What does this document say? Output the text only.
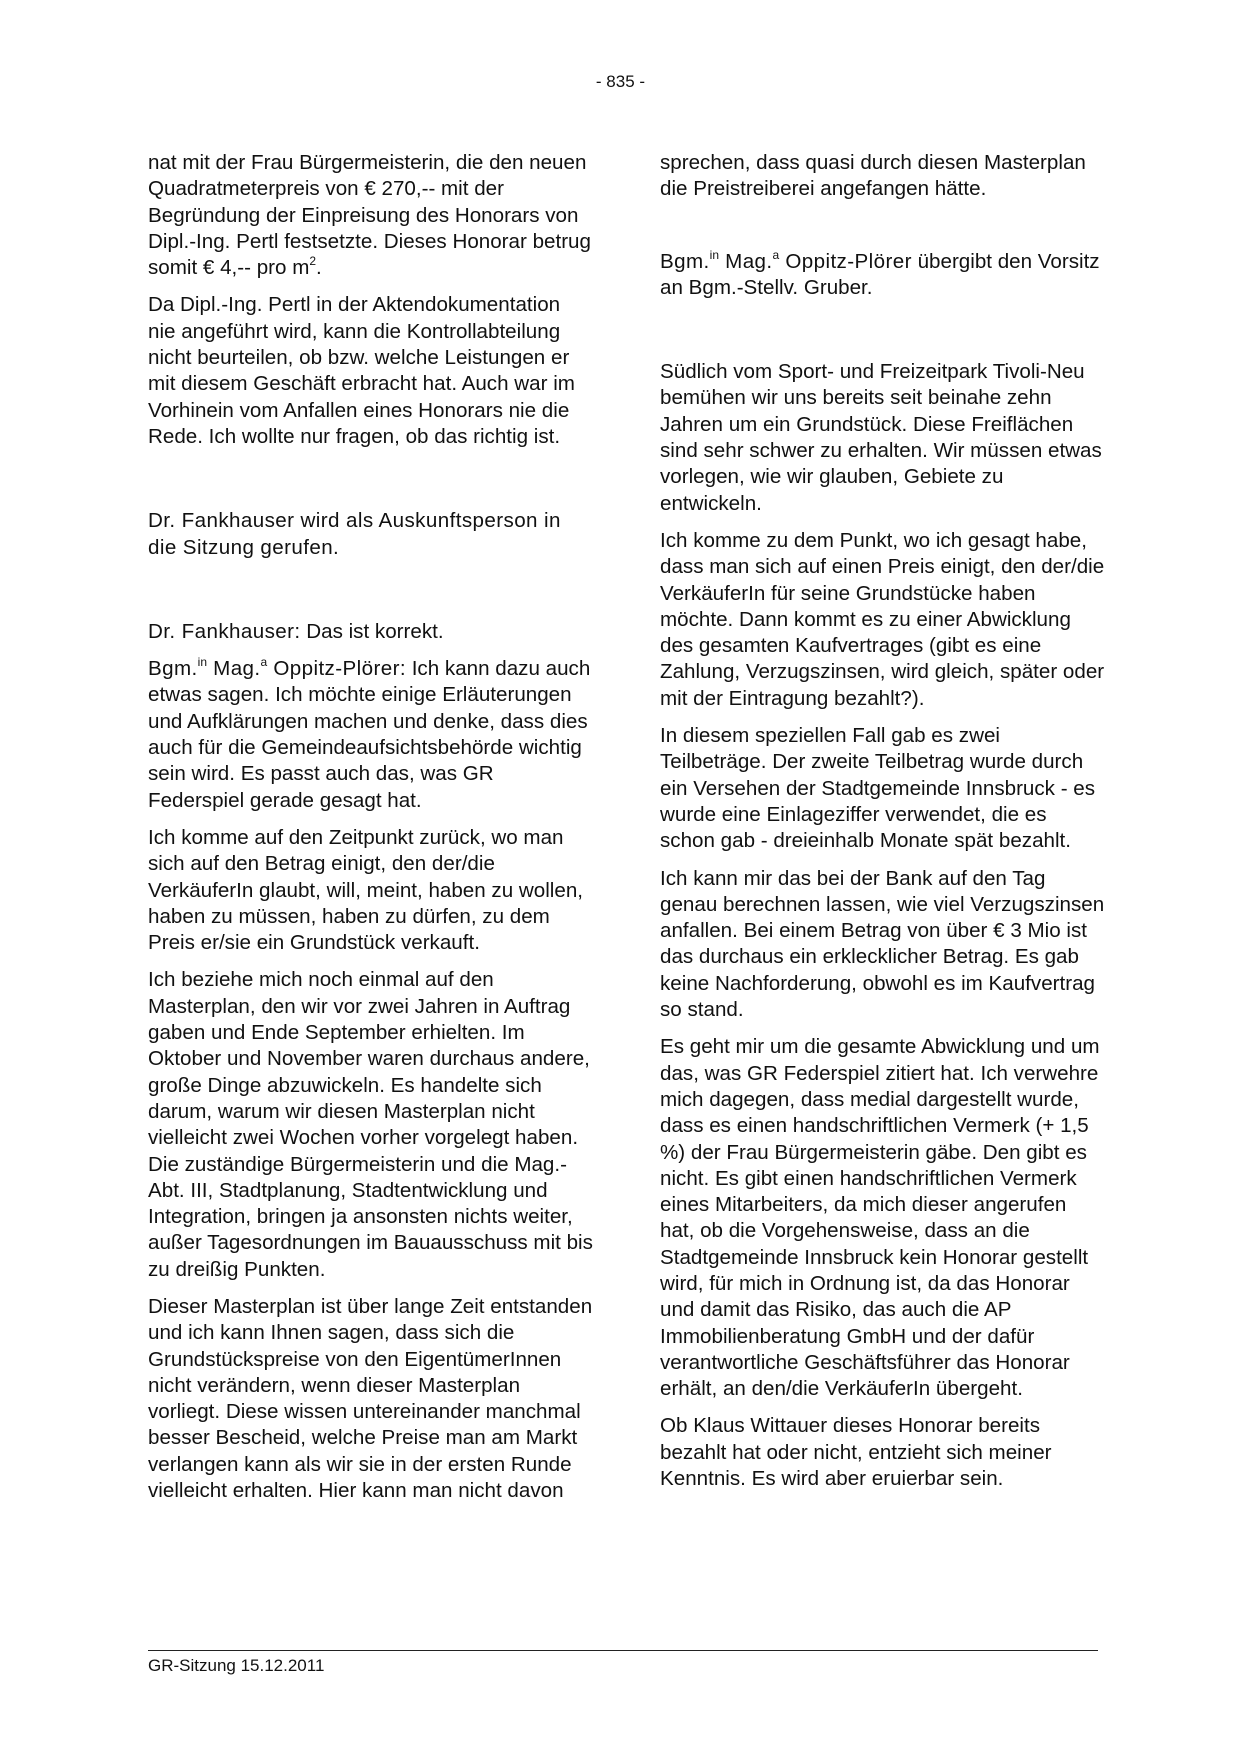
- 835 -

nat mit der Frau Bürgermeisterin, die den neuen Quadratmeterpreis von € 270,-- mit der Begründung der Einpreisung des Honorars von Dipl.-Ing. Pertl festsetzte. Dieses Honorar betrug somit € 4,-- pro $m^2$.

Da Dipl.-Ing. Pertl in der Aktendokumentation nie angeführt wird, kann die Kontrollabteilung nicht beurteilen, ob bzw. welche Leistungen er mit diesem Geschäft erbracht hat. Auch war im Vorhinein vom Anfallen eines Honorars nie die Rede. Ich wollte nur fragen, ob das richtig ist.

Dr. Fankhauser wird als Auskunftsperson in die Sitzung gerufen.

Dr. Fankhauser: Das ist korrekt.

Bgm.$^{in}$ Mag.$^a$ Oppitz-Plörer: Ich kann dazu auch etwas sagen. Ich möchte einige Erläuterungen und Aufklärungen machen und denke, dass dies auch für die Gemeindeaufsichtsbehörde wichtig sein wird. Es passt auch das, was GR Federspiel gerade gesagt hat.

Ich komme auf den Zeitpunkt zurück, wo man sich auf den Betrag einigt, den der/die VerkäuferIn glaubt, will, meint, haben zu wollen, haben zu müssen, haben zu dürfen, zu dem Preis er/sie ein Grundstück verkauft.

Ich beziehe mich noch einmal auf den Masterplan, den wir vor zwei Jahren in Auftrag gaben und Ende September erhielten. Im Oktober und November waren durchaus andere, große Dinge abzuwickeln. Es handelte sich darum, warum wir diesen Masterplan nicht vielleicht zwei Wochen vorher vorgelegt haben. Die zuständige Bürgermeisterin und die Mag.-Abt. III, Stadtplanung, Stadtentwicklung und Integration, bringen ja ansonsten nichts weiter, außer Tagesordnungen im Bauausschuss mit bis zu dreißig Punkten.

Dieser Masterplan ist über lange Zeit entstanden und ich kann Ihnen sagen, dass sich die Grundstückspreise von den EigentümerInnen nicht verändern, wenn dieser Masterplan vorliegt. Diese wissen untereinander manchmal besser Bescheid, welche Preise man am Markt verlangen kann als wir sie in der ersten Runde vielleicht erhalten. Hier kann man nicht davon

sprechen, dass quasi durch diesen Masterplan die Preistreiberei angefangen hätte.

Bgm.$^{in}$ Mag.$^a$ Oppitz-Plörer übergibt den Vorsitz an Bgm.-Stellv. Gruber.

Südlich vom Sport- und Freizeitpark Tivoli-Neu bemühen wir uns bereits seit beinahe zehn Jahren um ein Grundstück. Diese Freiflächen sind sehr schwer zu erhalten. Wir müssen etwas vorlegen, wie wir glauben, Gebiete zu entwickeln.

Ich komme zu dem Punkt, wo ich gesagt habe, dass man sich auf einen Preis einigt, den der/die VerkäuferIn für seine Grundstücke haben möchte. Dann kommt es zu einer Abwicklung des gesamten Kaufvertrages (gibt es eine Zahlung, Verzugszinsen, wird gleich, später oder mit der Eintragung bezahlt?).

In diesem speziellen Fall gab es zwei Teilbeträge. Der zweite Teilbetrag wurde durch ein Versehen der Stadtgemeinde Innsbruck - es wurde eine Einlageziffer verwendet, die es schon gab - dreieinhalb Monate spät bezahlt.

Ich kann mir das bei der Bank auf den Tag genau berechnen lassen, wie viel Verzugszinsen anfallen. Bei einem Betrag von über € 3 Mio ist das durchaus ein erklecklicher Betrag. Es gab keine Nachforderung, obwohl es im Kaufvertrag so stand.

Es geht mir um die gesamte Abwicklung und um das, was GR Federspiel zitiert hat. Ich verwehre mich dagegen, dass medial dargestellt wurde, dass es einen handschriftlichen Vermerk (+ 1,5 %) der Frau Bürgermeisterin gäbe. Den gibt es nicht. Es gibt einen handschriftlichen Vermerk eines Mitarbeiters, da mich dieser angerufen hat, ob die Vorgehensweise, dass an die Stadtgemeinde Innsbruck kein Honorar gestellt wird, für mich in Ordnung ist, da das Honorar und damit das Risiko, das auch die AP Immobilienberatung GmbH und der dafür verantwortliche Geschäftsführer das Honorar erhält, an den/die VerkäuferIn übergeht.

Ob Klaus Wittauer dieses Honorar bereits bezahlt hat oder nicht, entzieht sich meiner Kenntnis. Es wird aber eruierbar sein.

GR-Sitzung 15.12.2011
